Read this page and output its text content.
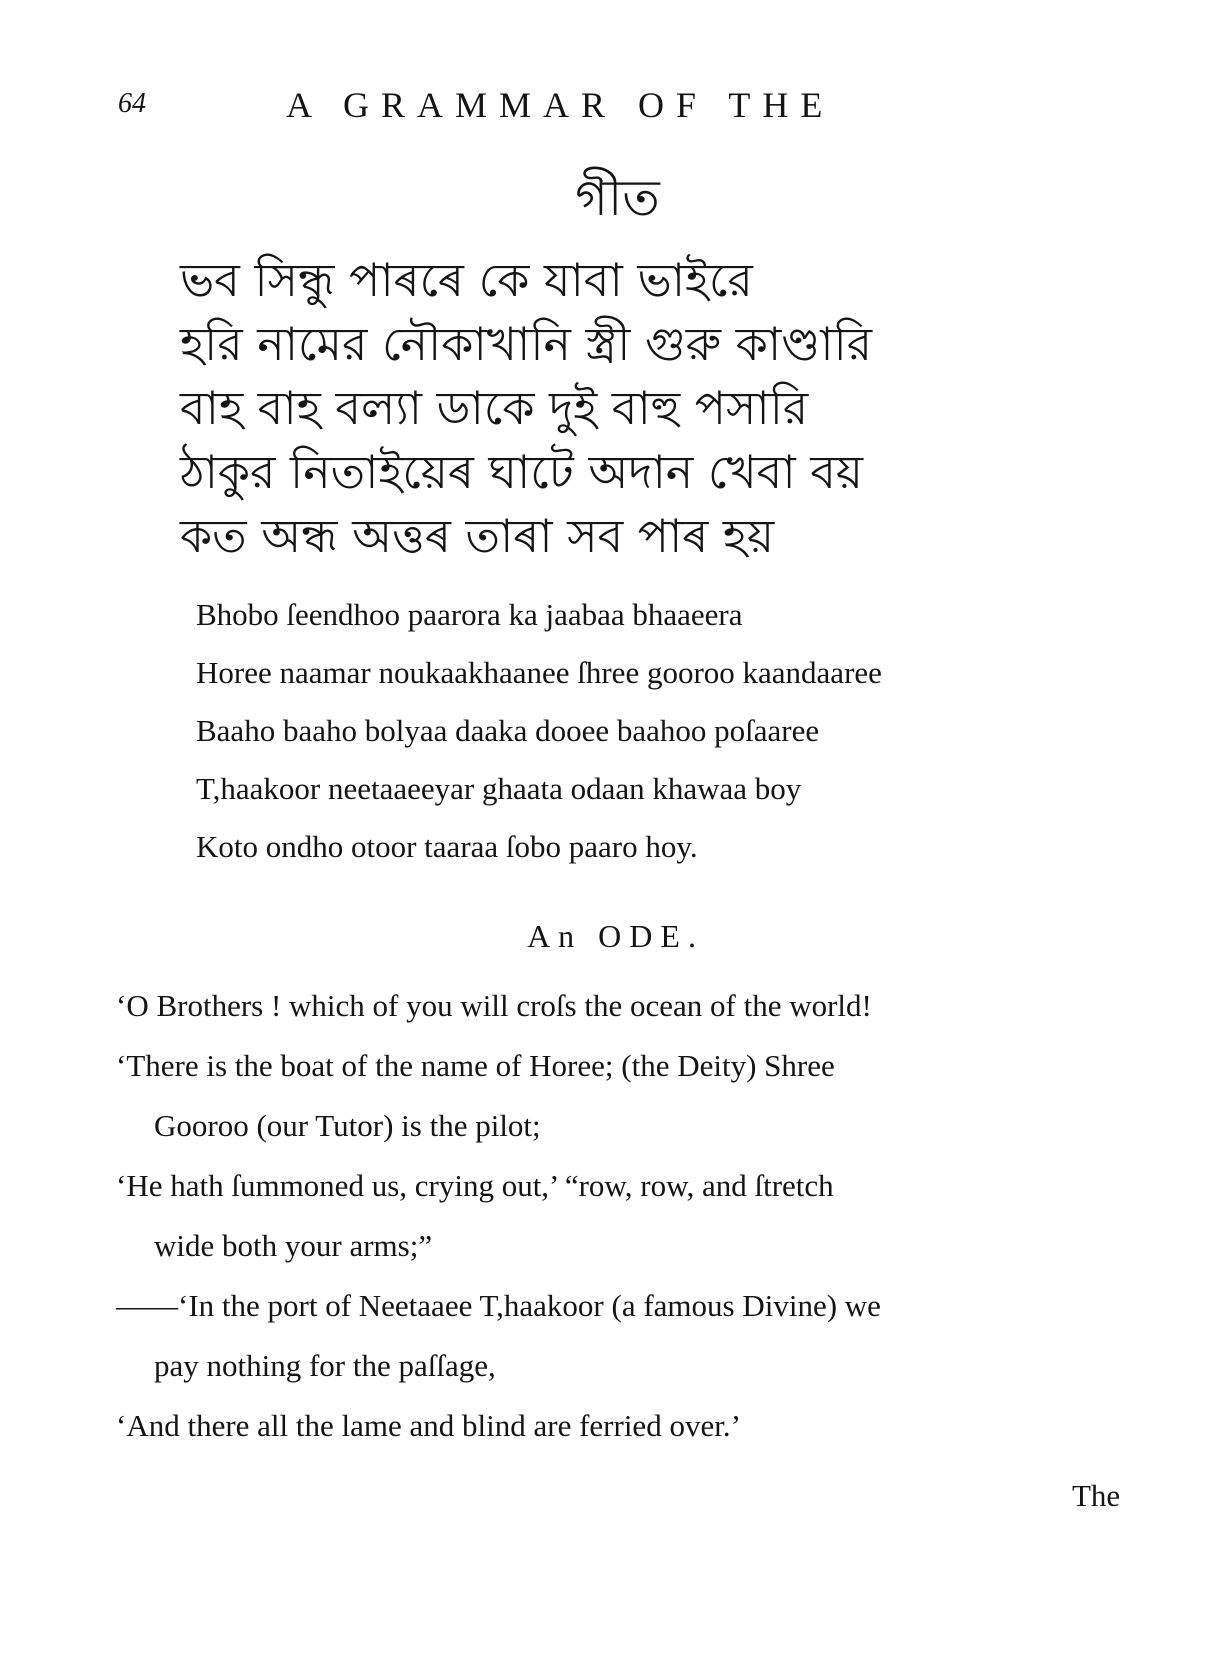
64	A GRAMMAR OF THE
গীত
ভব সিন্ধু পাৰৰে কে যাবা ভাইরে
হরি নামের নৌকাখানি স্ত্রী গুরু কাণ্ডারি
বাহ বাহ বল্যা ডাকে দুই বাহু পসারি
ঠাকুর নিতাইয়েৰ ঘাটে অদান খেবা বয়
কত অন্ধ অত্তৰ তাৰা সব পাৰ হয়
Bhobo ſeendhoo paarora ka jaabaa bhaaeera
Horee naamar noukaakhaanee ſhree gooroo kaandaaree
Baaho baaho bolyaa daaka dooee baahoo poſaaree
T,haakoor neetaaeeyar ghaata odaan khawaa boy
Koto ondho otoor taaraa ſobo paaro hoy.
An ODE.
‘O Brothers ! which of you will croſs the ocean of the world!
‘There is the boat of the name of Horee; (the Deity) Shree
Gooroo (our Tutor) is the pilot;
‘He hath ſummoned us, crying out,’ “row, row, and ſtretch
wide both your arms;”
——‘In the port of Neetaaee T,haakoor (a famous Divine) we
pay nothing for the paſſage,
‘And there all the lame and blind are ferried over.’
The
